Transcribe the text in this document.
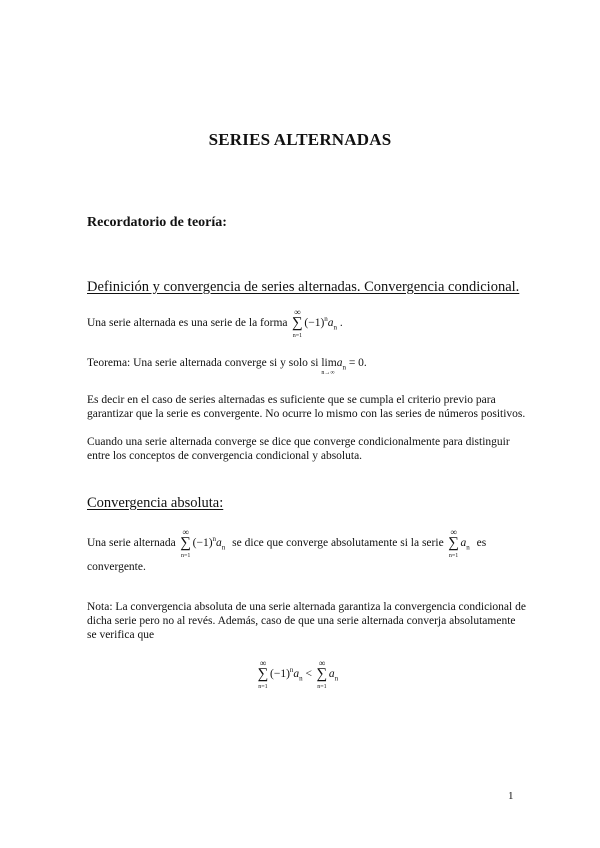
SERIES ALTERNADAS
Recordatorio de teoría:
Definición y convergencia de series alternadas. Convergencia condicional.
Una serie alternada es una serie de la forma
∞
∑
n=1
$(-1)^na_n$ .
Teorema: Una serie alternada converge si y solo si lim
n→∞
$a_n = 0$.
Es decir en el caso de series alternadas es suficiente que se cumpla el criterio previo para garantizar que la serie es convergente. No ocurre lo mismo con las series de números positivos.
Cuando una serie alternada converge se dice que converge condicionalmente para distinguir entre los conceptos de convergencia condicional y absoluta.
Convergencia absoluta:
Una serie alternada
∞
∑
n=1
$(-1)^na_n$ se dice que converge absolutamente si la serie
∞
∑
n=1
$a_n$ es
convergente.
Nota: La convergencia absoluta de una serie alternada garantiza la convergencia condicional de dicha serie pero no al revés. Además, caso de que una serie alternada converja absolutamente se verifica que
∞
∑
n=1
$(-1)^na_n$ <
∞
∑
n=1
$a_n$
1
